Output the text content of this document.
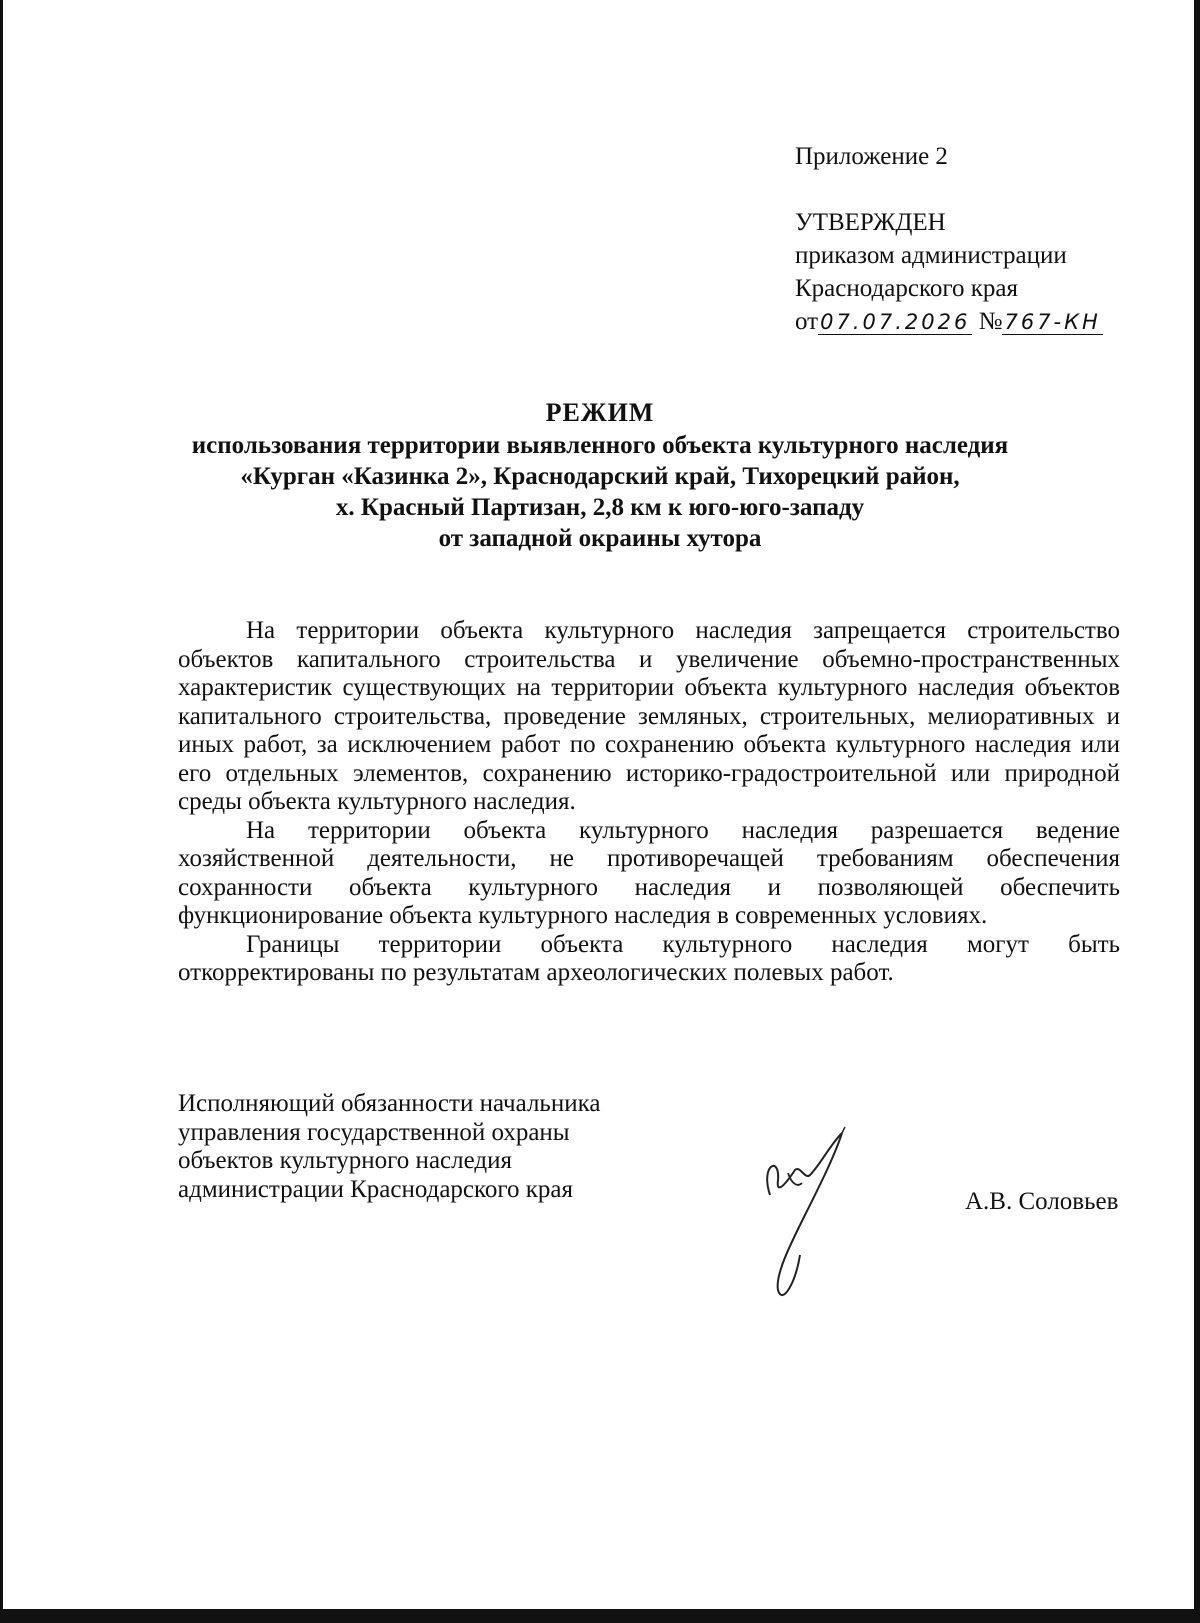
Приложение 2
УТВЕРЖДЕН
приказом администрации
Краснодарского края
от07.07.2026 №767-КН
РЕЖИМ
использования территории выявленного объекта культурного наследия
«Курган «Казинка 2», Краснодарский край, Тихорецкий район,
х. Красный Партизан, 2,8 км к юго-юго-западу
от западной окраины хутора

На территории объекта культурного наследия запрещается строительство объектов капитального строительства и увеличение объемно-пространственных характеристик существующих на территории объекта культурного наследия объектов капитального строительства, проведение земляных, строительных, мелиоративных и иных работ, за исключением работ по сохранению объекта культурного наследия или его отдельных элементов, сохранению историко-градостроительной или природной среды объекта культурного наследия.

На территории объекта культурного наследия разрешается ведение хозяйственной деятельности, не противоречащей требованиям обеспечения сохранности объекта культурного наследия и позволяющей обеспечить функционирование объекта культурного наследия в современных условиях.

Границы территории объекта культурного наследия могут быть откорректированы по результатам археологических полевых работ.

Исполняющий обязанности начальника
управления государственной охраны
объектов культурного наследия
администрации Краснодарского края	А.В. Соловьев
